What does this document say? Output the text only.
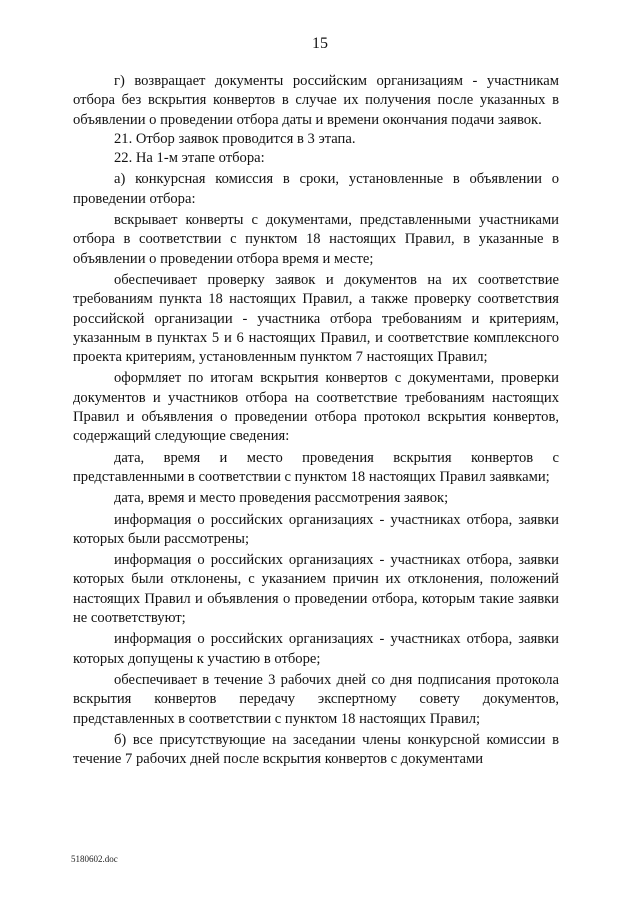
15

г) возвращает документы российским организациям - участникам отбора без вскрытия конвертов в случае их получения после указанных в объявлении о проведении отбора даты и времени окончания подачи заявок.

21. Отбор заявок проводится в 3 этапа.

22. На 1-м этапе отбора:

а) конкурсная комиссия в сроки, установленные в объявлении о проведении отбора:

вскрывает конверты с документами, представленными участниками отбора в соответствии с пунктом 18 настоящих Правил, в указанные в объявлении о проведении отбора время и месте;

обеспечивает проверку заявок и документов на их соответствие требованиям пункта 18 настоящих Правил, а также проверку соответствия российской организации - участника отбора требованиям и критериям, указанным в пунктах 5 и 6 настоящих Правил, и соответствие комплексного проекта критериям, установленным пунктом 7 настоящих Правил;

оформляет по итогам вскрытия конвертов с документами, проверки документов и участников отбора на соответствие требованиям настоящих Правил и объявления о проведении отбора протокол вскрытия конвертов, содержащий следующие сведения:

дата, время и место проведения вскрытия конвертов с представленными в соответствии с пунктом 18 настоящих Правил заявками;

дата, время и место проведения рассмотрения заявок;

информация о российских организациях - участниках отбора, заявки которых были рассмотрены;

информация о российских организациях - участниках отбора, заявки которых были отклонены, с указанием причин их отклонения, положений настоящих Правил и объявления о проведении отбора, которым такие заявки не соответствуют;

информация о российских организациях - участниках отбора, заявки которых допущены к участию в отборе;

обеспечивает в течение 3 рабочих дней со дня подписания протокола вскрытия конвертов передачу экспертному совету документов, представленных в соответствии с пунктом 18 настоящих Правил;

б) все присутствующие на заседании члены конкурсной комиссии в течение 7 рабочих дней после вскрытия конвертов с документами

5180602.doc
